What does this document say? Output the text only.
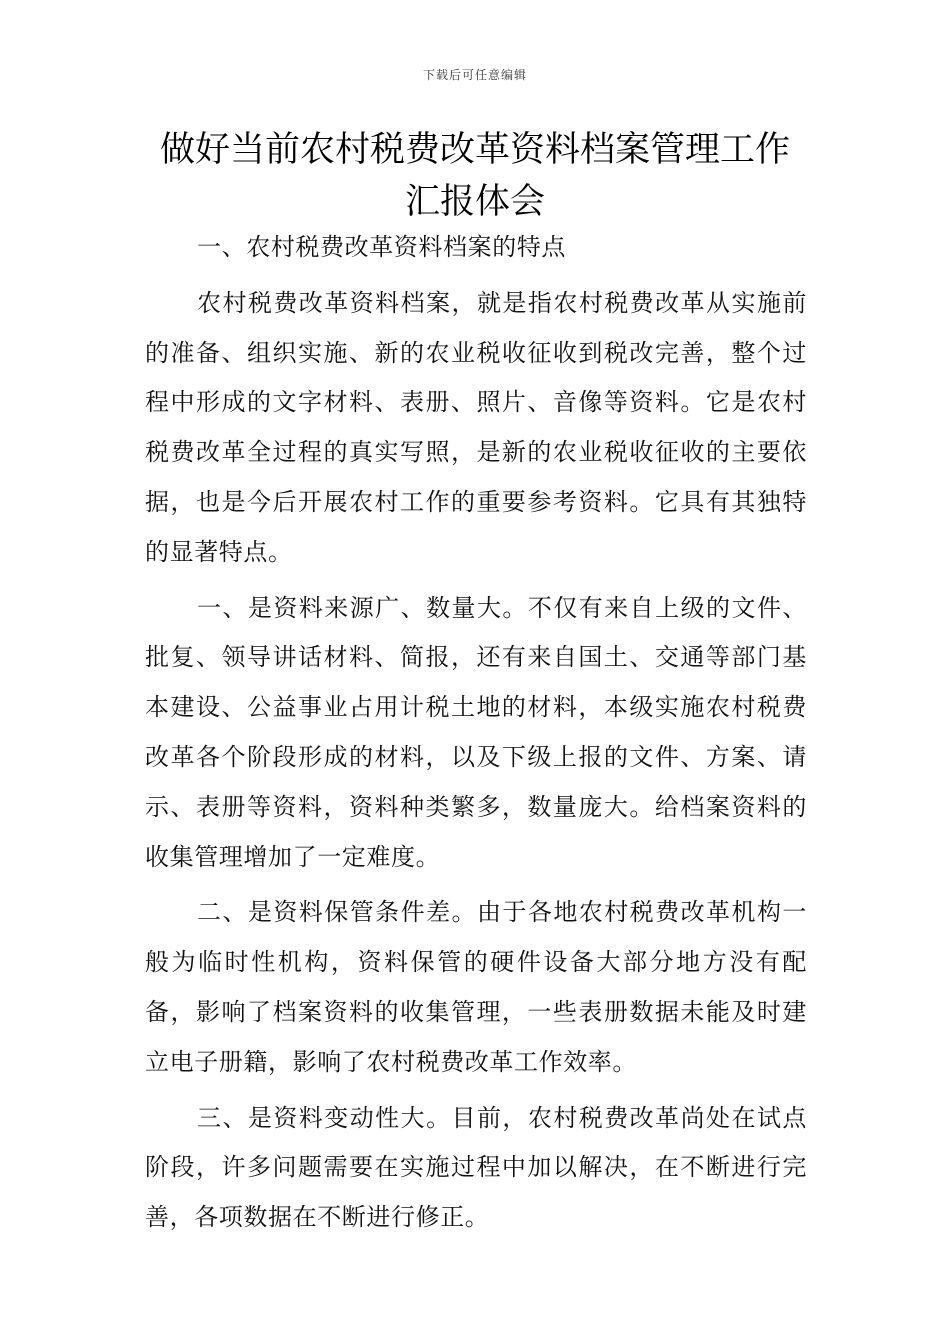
下载后可任意编辑
做好当前农村税费改革资料档案管理工作
汇报体会

一、农村税费改革资料档案的特点

农村税费改革资料档案，就是指农村税费改革从实施前的准备、组织实施、新的农业税收征收到税改完善，整个过程中形成的文字材料、表册、照片、音像等资料。它是农村税费改革全过程的真实写照，是新的农业税收征收的主要依据，也是今后开展农村工作的重要参考资料。它具有其独特的显著特点。

一、是资料来源广、数量大。不仅有来自上级的文件、批复、领导讲话材料、简报，还有来自国土、交通等部门基本建设、公益事业占用计税土地的材料，本级实施农村税费改革各个阶段形成的材料，以及下级上报的文件、方案、请示、表册等资料，资料种类繁多，数量庞大。给档案资料的收集管理增加了一定难度。

二、是资料保管条件差。由于各地农村税费改革机构一般为临时性机构，资料保管的硬件设备大部分地方没有配备，影响了档案资料的收集管理，一些表册数据未能及时建立电子册籍，影响了农村税费改革工作效率。

三、是资料变动性大。目前，农村税费改革尚处在试点阶段，许多问题需要在实施过程中加以解决，在不断进行完善，各项数据在不断进行修正。
